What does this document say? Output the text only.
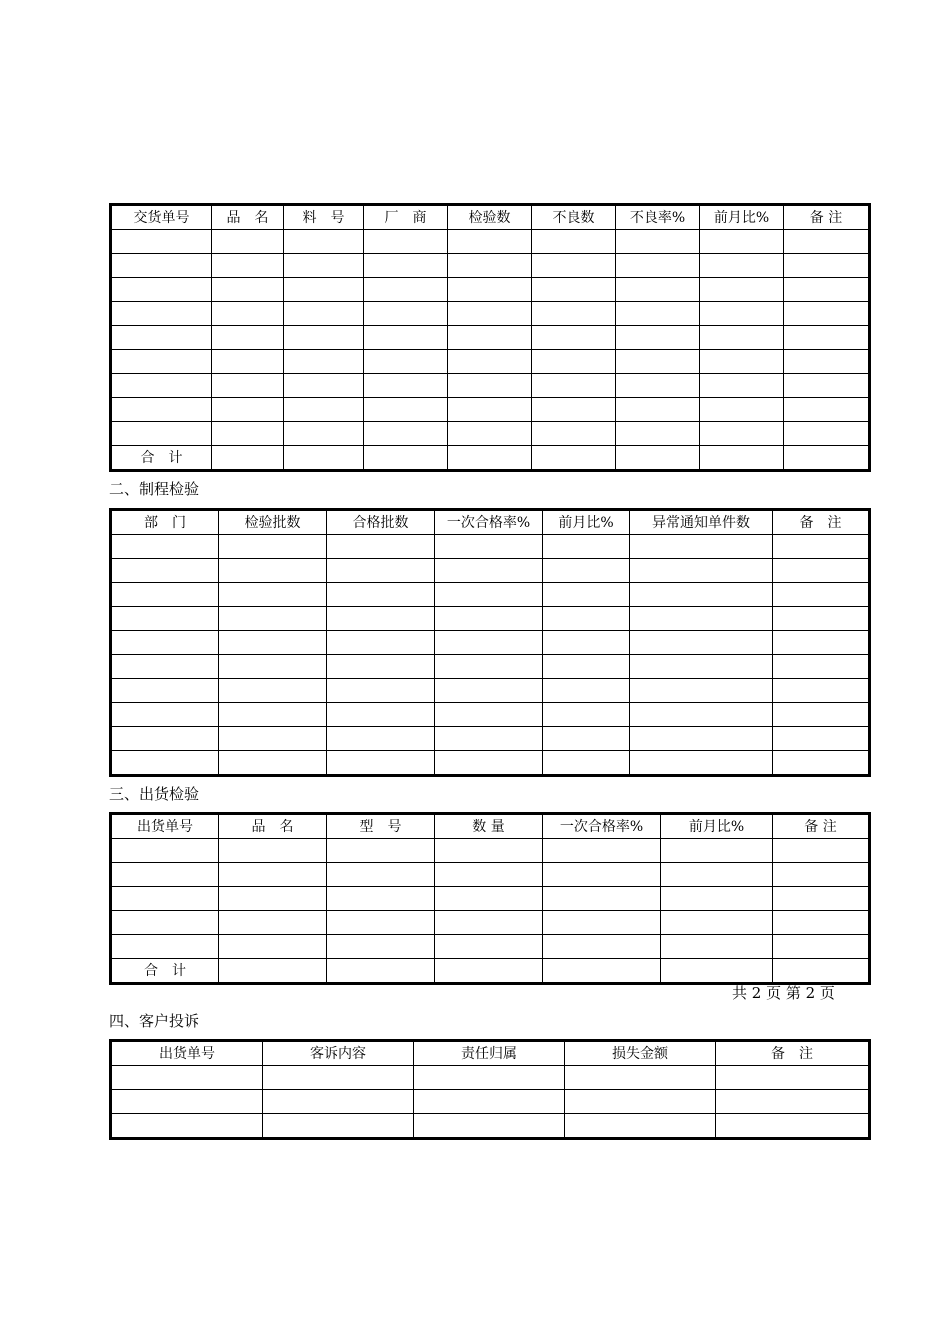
交货单号	品　名	料　号	厂　商	检验数	不良数	不良率%	前月比%	备 注

合　计								
二、制程检验
部　门	检验批数	合格批数	一次合格率%	前月比%	异常通知单件数	备　注

三、出货检验
出货单号	品　名	型　号	数 量	一次合格率%	前月比%	备 注

合　计						
共 2 页 第 2 页
四、客户投诉
出货单号	客诉内容	责任归属	损失金额	备　注
